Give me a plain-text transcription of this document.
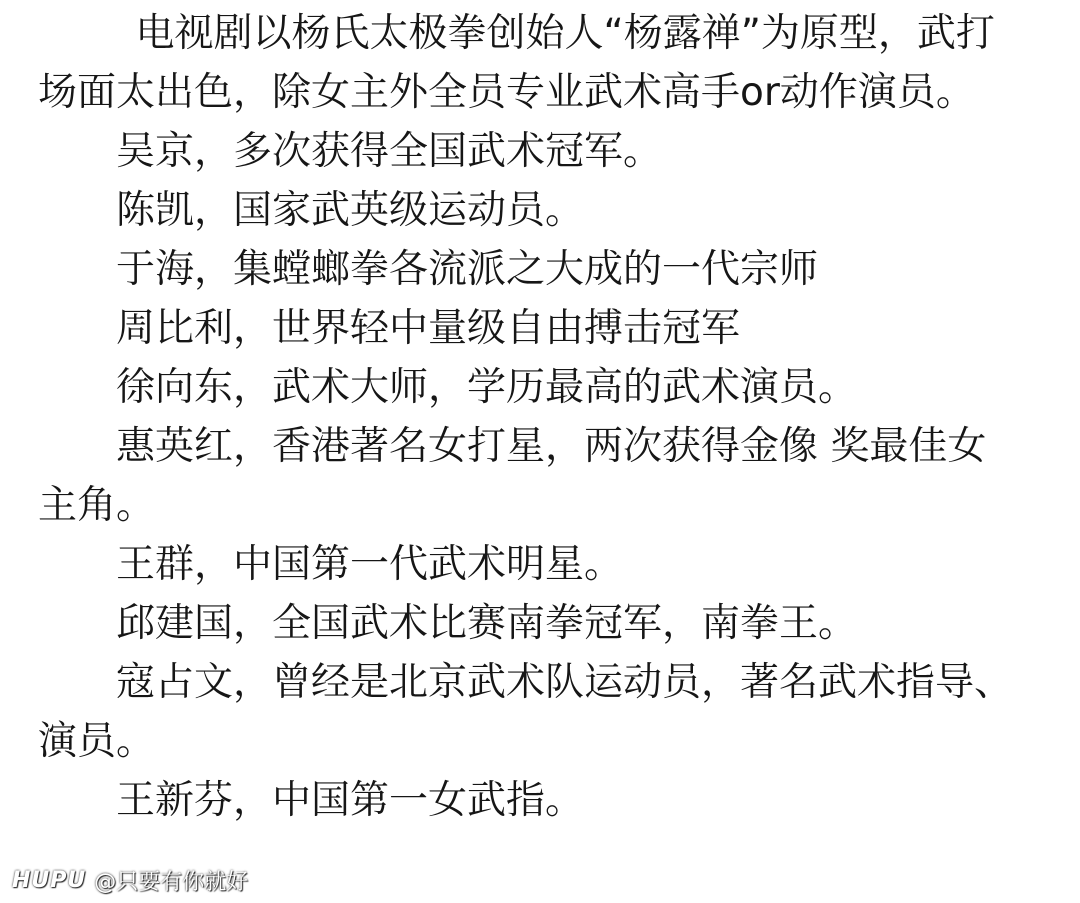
电视剧以杨氏太极拳创始人“杨露禅”为原型，武打场面太出色，除女主外全员专业武术高手or动作演员。

吴京，多次获得全国武术冠军。

陈凯，国家武英级运动员。

于海，集螳螂拳各流派之大成的一代宗师

周比利，世界轻中量级自由搏击冠军

徐向东，武术大师，学历最高的武术演员。

惠英红，香港著名女打星，两次获得金像 奖最佳女主角。

王群，中国第一代武术明星。

邱建国，全国武术比赛南拳冠军，南拳王。

寇占文，曾经是北京武术队运动员，著名武术指导、演员。

王新芬，中国第一女武指。

HUPU @只要有你就好
